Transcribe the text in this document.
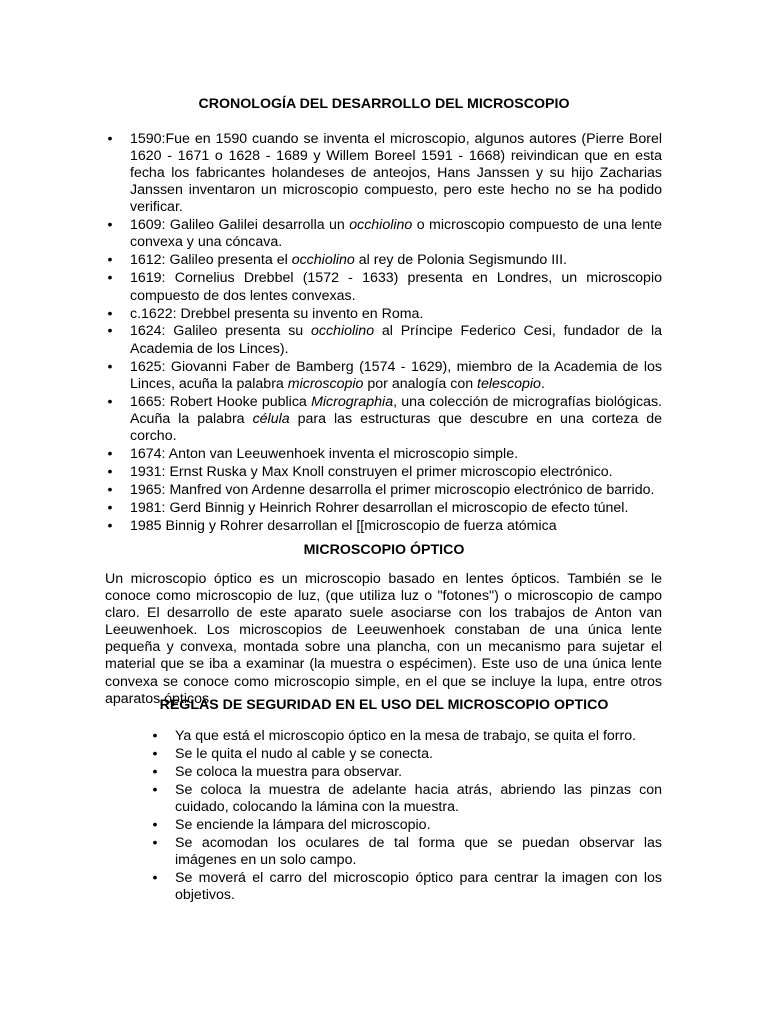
CRONOLOGÍA DEL DESARROLLO DEL MICROSCOPIO

•
1590:Fue en 1590 cuando se inventa el microscopio, algunos autores (Pierre Borel 1620 - 1671 o 1628 - 1689 y Willem Boreel 1591 - 1668) reivindican que en esta fecha los fabricantes holandeses de anteojos, Hans Janssen y su hijo Zacharias Janssen inventaron un microscopio compuesto, pero este hecho no se ha podido verificar.
•
1609: Galileo Galilei desarrolla un occhiolino o microscopio compuesto de una lente convexa y una cóncava.
•
1612: Galileo presenta el occhiolino al rey de Polonia Segismundo III.
•
1619: Cornelius Drebbel (1572 - 1633) presenta en Londres, un microscopio compuesto de dos lentes convexas.
•
c.1622: Drebbel presenta su invento en Roma.
•
1624: Galileo presenta su occhiolino al Príncipe Federico Cesi, fundador de la Academia de los Linces).
•
1625: Giovanni Faber de Bamberg (1574 - 1629), miembro de la Academia de los Linces, acuña la palabra microscopio por analogía con telescopio.
•
1665: Robert Hooke publica Micrographia, una colección de micrografías biológicas. Acuña la palabra célula para las estructuras que descubre en una corteza de corcho.
•
1674: Anton van Leeuwenhoek inventa el microscopio simple.
•
1931: Ernst Ruska y Max Knoll construyen el primer microscopio electrónico.
•
1965: Manfred von Ardenne desarrolla el primer microscopio electrónico de barrido.
•
1981: Gerd Binnig y Heinrich Rohrer desarrollan el microscopio de efecto túnel.
•
1985 Binnig y Rohrer desarrollan el [[microscopio de fuerza atómica

MICROSCOPIO ÓPTICO

Un microscopio óptico es un microscopio basado en lentes ópticos. También se le conoce como microscopio de luz, (que utiliza luz o "fotones") o microscopio de campo claro. El desarrollo de este aparato suele asociarse con los trabajos de Anton van Leeuwenhoek. Los microscopios de Leeuwenhoek constaban de una única lente pequeña y convexa, montada sobre una plancha, con un mecanismo para sujetar el material que se iba a examinar (la muestra o espécimen). Este uso de una única lente convexa se conoce como microscopio simple, en el que se incluye la lupa, entre otros aparatos ópticos.

REGLAS DE SEGURIDAD EN EL USO DEL MICROSCOPIO OPTICO

•
Ya que está el microscopio óptico en la mesa de trabajo, se quita el forro.
•
Se le quita el nudo al cable y se conecta.
•
Se coloca la muestra para observar.
•
Se coloca la muestra de adelante hacia atrás, abriendo las pinzas con cuidado, colocando la lámina con la muestra.
•
Se enciende la lámpara del microscopio.
•
Se acomodan los oculares de tal forma que se puedan observar las imágenes en un solo campo.
•
Se moverá el carro del microscopio óptico para centrar la imagen con los objetivos.
